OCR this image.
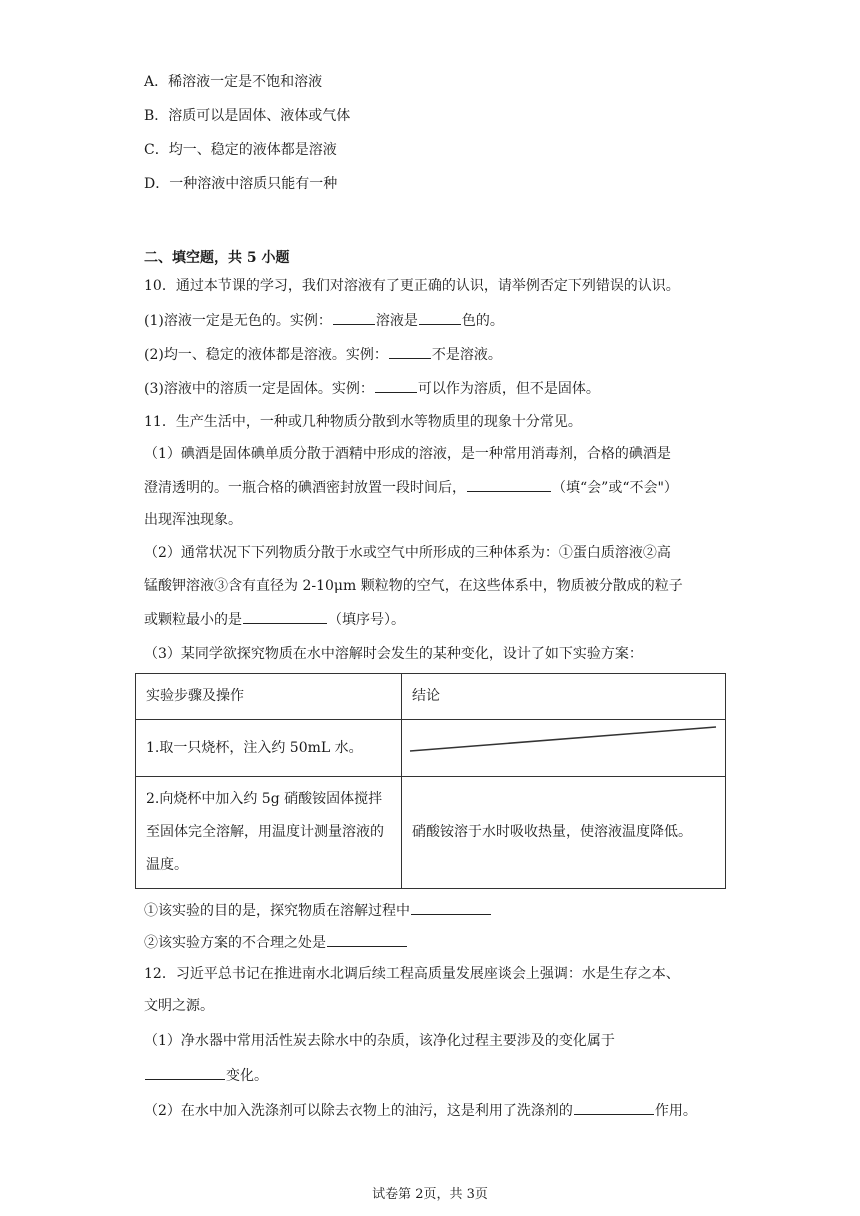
A．稀溶液一定是不饱和溶液
B．溶质可以是固体、液体或气体
C．均一、稳定的液体都是溶液
D．一种溶液中溶质只能有一种
二、填空题，共 5 小题
10．通过本节课的学习，我们对溶液有了更正确的认识，请举例否定下列错误的认识。
(1)溶液一定是无色的。实例：	溶液是	色的。
(2)均一、稳定的液体都是溶液。实例：	不是溶液。
(3)溶液中的溶质一定是固体。实例：	可以作为溶质，但不是固体。
11．生产生活中，一种或几种物质分散到水等物质里的现象十分常见。
（1）碘酒是固体碘单质分散于酒精中形成的溶液，是一种常用消毒剂，合格的碘酒是
澄清透明的。一瓶合格的碘酒密封放置一段时间后，	（填“会”或“不会"）
出现浑浊现象。
（2）通常状况下下列物质分散于水或空气中所形成的三种体系为：①蛋白质溶液②高
锰酸钾溶液③含有直径为 2-10μm 颗粒物的空气，在这些体系中，物质被分散成的粒子
或颗粒最小的是	（填序号）。
（3）某同学欲探究物质在水中溶解时会发生的某种变化，设计了如下实验方案：
实验步骤及操作	结论
1.取一只烧杯，注入约 50mL 水。	

2.向烧杯中加入约 5g 硝酸铵固体搅拌至固体完全溶解，用温度计测量溶液的温度。	硝酸铵溶于水时吸收热量，使溶液温度降低。
①该实验的目的是，探究物质在溶解过程中
②该实验方案的不合理之处是
12．习近平总书记在推进南水北调后续工程高质量发展座谈会上强调：水是生存之本、
文明之源。
（1）净水器中常用活性炭去除水中的杂质，该净化过程主要涉及的变化属于
变化。
（2）在水中加入洗涤剂可以除去衣物上的油污，这是利用了洗涤剂的	作用。
试卷第 2页，共 3页
